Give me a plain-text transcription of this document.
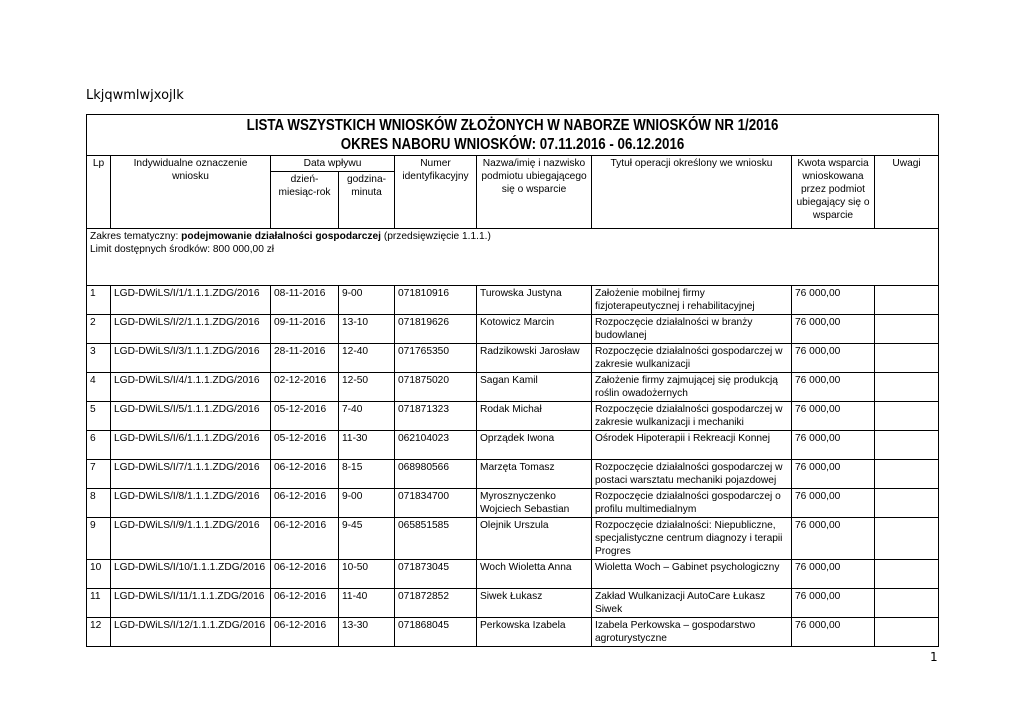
Lkjqwmlwjxojlk
LISTA WSZYSTKICH WNIOSKÓW ZŁOŻONYCH W NABORZE WNIOSKÓW NR 1/2016
OKRES NABORU WNIOSKÓW: 07.11.2016 - 06.12.2016								

Lp	Indywidualne oznaczenie wniosku	Data wpływu		Numer identyfikacyjny	Nazwa/imię i nazwisko podmiotu ubiegającego się o wsparcie	Tytuł operacji określony we wniosku	Kwota wsparcia wnioskowana przez podmiot ubiegający się o wsparcie	Uwagi
		dzień-miesiąc-rok	godzina-minuta					

Zakres tematyczny: podejmowanie działalności gospodarczej (przedsięwzięcie 1.1.1.)
Limit dostępnych środków: 800 000,00 zł								

1	LGD-DWiLS/I/1/1.1.1.ZDG/2016	08-11-2016	9-00	071810916	Turowska Justyna	Założenie mobilnej firmy fizjoterapeutycznej i rehabilitacyjnej	76 000,00	
2	LGD-DWiLS/I/2/1.1.1.ZDG/2016	09-11-2016	13-10	071819626	Kotowicz Marcin	Rozpoczęcie działalności w branży budowlanej	76 000,00	
3	LGD-DWiLS/I/3/1.1.1.ZDG/2016	28-11-2016	12-40	071765350	Radzikowski Jarosław	Rozpoczęcie działalności gospodarczej w zakresie wulkanizacji	76 000,00	
4	LGD-DWiLS/I/4/1.1.1.ZDG/2016	02-12-2016	12-50	071875020	Sagan Kamil	Założenie firmy zajmującej się produkcją roślin owadożernych	76 000,00	
5	LGD-DWiLS/I/5/1.1.1.ZDG/2016	05-12-2016	7-40	071871323	Rodak Michał	Rozpoczęcie działalności gospodarczej w zakresie wulkanizacji i mechaniki	76 000,00	
6	LGD-DWiLS/I/6/1.1.1.ZDG/2016	05-12-2016	11-30	062104023	Oprządek Iwona	Ośrodek Hipoterapii i Rekreacji Konnej	76 000,00	
7	LGD-DWiLS/I/7/1.1.1.ZDG/2016	06-12-2016	8-15	068980566	Marzęta Tomasz	Rozpoczęcie działalności gospodarczej w postaci warsztatu mechaniki pojazdowej	76 000,00	
8	LGD-DWiLS/I/8/1.1.1.ZDG/2016	06-12-2016	9-00	071834700	Myrosznyczenko Wojciech Sebastian	Rozpoczęcie działalności gospodarczej o profilu multimedialnym	76 000,00	
9	LGD-DWiLS/I/9/1.1.1.ZDG/2016	06-12-2016	9-45	065851585	Olejnik Urszula	Rozpoczęcie działalności: Niepubliczne, specjalistyczne centrum diagnozy i terapii Progres	76 000,00	
10	LGD-DWiLS/I/10/1.1.1.ZDG/2016	06-12-2016	10-50	071873045	Woch Wioletta Anna	Wioletta Woch – Gabinet psychologiczny	76 000,00	
11	LGD-DWiLS/I/11/1.1.1.ZDG/2016	06-12-2016	11-40	071872852	Siwek Łukasz	Zakład Wulkanizacji AutoCare Łukasz Siwek	76 000,00	
12	LGD-DWiLS/I/12/1.1.1.ZDG/2016	06-12-2016	13-30	071868045	Perkowska Izabela	Izabela Perkowska – gospodarstwo agroturystyczne	76 000,00	
1
